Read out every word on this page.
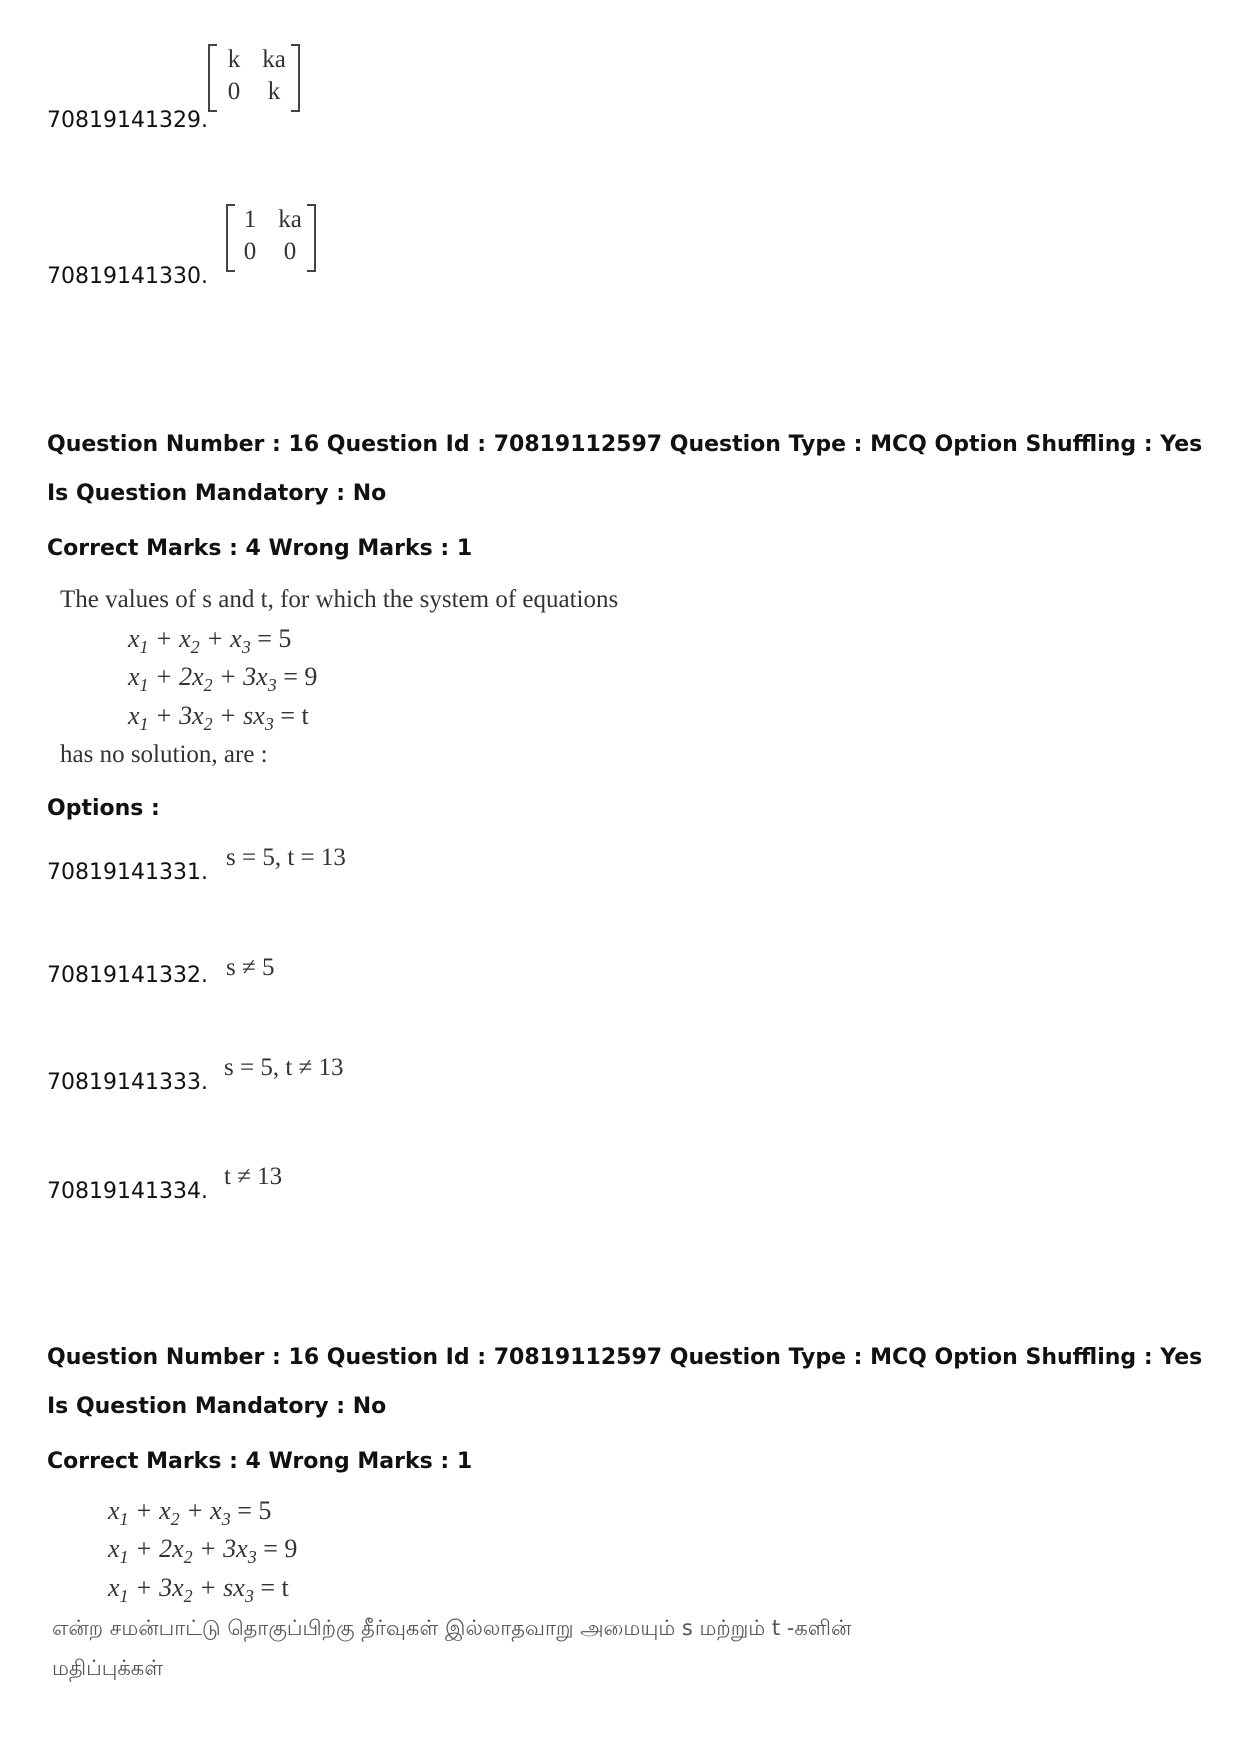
70819141329.
k ka
0	k
70819141330.
1 ka
0	0
Question Number : 16 Question Id : 70819112597 Question Type : MCQ Option Shuffling : Yes
Is Question Mandatory : No
Correct Marks : 4 Wrong Marks : 1
The values of s and t, for which the system of equations
$x_1 + x_2 + x_3 = 5$
$x_1 + 2x_2 + 3x_3 = 9$
$x_1 + 3x_2 + sx_3 = t$
has no solution, are :
Options :
70819141331.
s = 5, t = 13
70819141332. s ≠ 5
70819141333.
s = 5, t ≠ 13
70819141334.
t ≠ 13
Question Number : 16 Question Id : 70819112597 Question Type : MCQ Option Shuffling : Yes
Is Question Mandatory : No
Correct Marks : 4 Wrong Marks : 1
$x_1 + x_2 + x_3 = 5$
$x_1 + 2x_2 + 3x_3 = 9$
$x_1 + 3x_2 + sx_3 = t$
என்ற சமன்பாட்டு தொகுப்பிற்கு தீர்வுகள் இல்லாதவாறு அமையும் s மற்றும் t -களின்
மதிப்புக்கள்
